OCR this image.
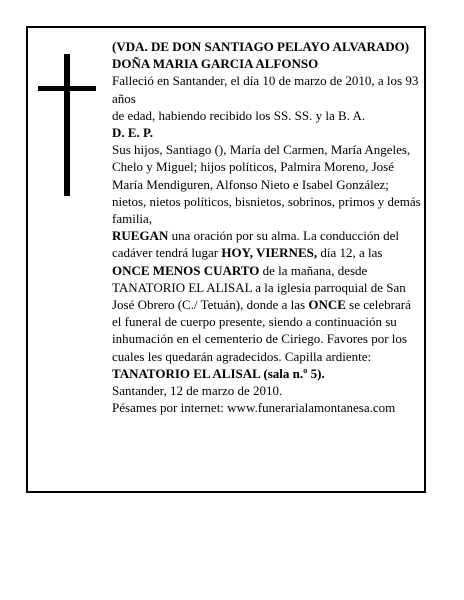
(VDA. DE DON SANTIAGO PELAYO ALVARADO)

DOÑA MARIA GARCIA ALFONSO

Falleció en Santander, el día 10 de marzo de 2010, a los 93 años

de edad, habiendo recibido los SS. SS. y la B. A.

D. E. P.

Sus hijos, Santiago (), María del Carmen, María Angeles, Chelo y Miguel; hijos políticos, Palmira Moreno, José María Mendiguren, Alfonso Nieto e Isabel González; nietos, nietos políticos, bisnietos, sobrinos, primos y demás familia,

RUEGAN una oración por su alma. La conducción del cadáver tendrá lugar HOY, VIERNES, día 12, a las ONCE MENOS CUARTO de la mañana, desde TANATORIO EL ALISAL a la iglesia parroquial de San José Obrero (C./ Tetuán), donde a las ONCE se celebrará el funeral de cuerpo presente, siendo a continuación su inhumación en el cementerio de Ciriego. Favores por los cuales les quedarán agradecidos. Capilla ardiente: TANATORIO EL ALISAL (sala n.º 5).

Santander, 12 de marzo de 2010.

Pésames por internet: www.funerarialamontanesa.com
